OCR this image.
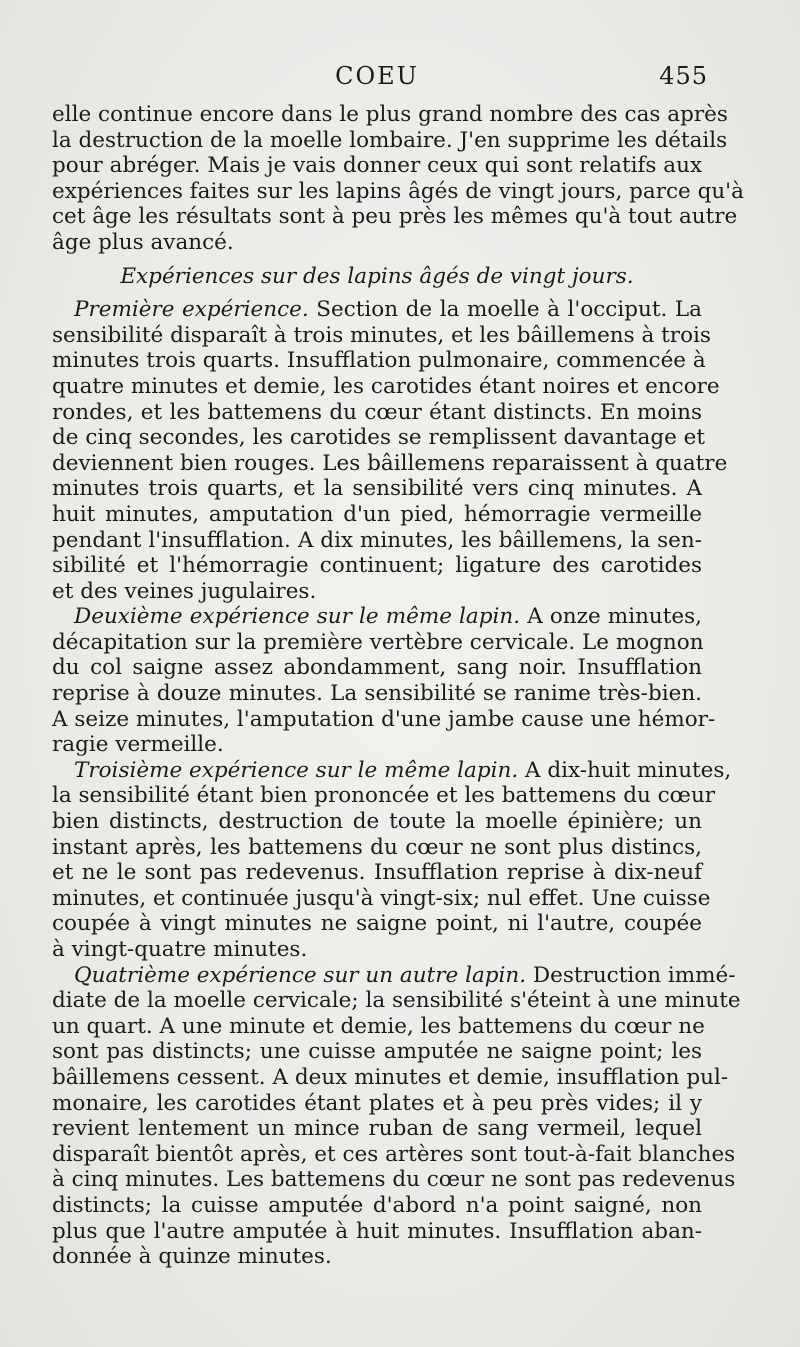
COEU	455
elle continue encore dans le plus grand nombre des cas après
la destruction de la moelle lombaire. J'en supprime les détails
pour abréger. Mais je vais donner ceux qui sont relatifs aux
expériences faites sur les lapins âgés de vingt jours, parce qu'à
cet âge les résultats sont à peu près les mêmes qu'à tout autre
âge plus avancé.
Expériences sur des lapins âgés de vingt jours.
Première expérience. Section de la moelle à l'occiput. La
sensibilité disparaît à trois minutes, et les bâillemens à trois
minutes trois quarts. Insufflation pulmonaire, commencée à
quatre minutes et demie, les carotides étant noires et encore
rondes, et les battemens du cœur étant distincts. En moins
de cinq secondes, les carotides se remplissent davantage et
deviennent bien rouges. Les bâillemens reparaissent à quatre
minutes trois quarts, et la sensibilité vers cinq minutes. A
huit minutes, amputation d'un pied, hémorragie vermeille
pendant l'insufflation. A dix minutes, les bâillemens, la sen-
sibilité et l'hémorragie continuent; ligature des carotides
et des veines jugulaires.
Deuxième expérience sur le même lapin. A onze minutes,
décapitation sur la première vertèbre cervicale. Le mognon
du col saigne assez abondamment, sang noir. Insufflation
reprise à douze minutes. La sensibilité se ranime très-bien.
A seize minutes, l'amputation d'une jambe cause une hémor-
ragie vermeille.
Troisième expérience sur le même lapin. A dix-huit minutes,
la sensibilité étant bien prononcée et les battemens du cœur
bien distincts, destruction de toute la moelle épinière; un
instant après, les battemens du cœur ne sont plus distincs,
et ne le sont pas redevenus. Insufflation reprise à dix-neuf
minutes, et continuée jusqu'à vingt-six; nul effet. Une cuisse
coupée à vingt minutes ne saigne point, ni l'autre, coupée
à vingt-quatre minutes.
Quatrième expérience sur un autre lapin. Destruction immé-
diate de la moelle cervicale; la sensibilité s'éteint à une minute
un quart. A une minute et demie, les battemens du cœur ne
sont pas distincts; une cuisse amputée ne saigne point; les
bâillemens cessent. A deux minutes et demie, insufflation pul-
monaire, les carotides étant plates et à peu près vides; il y
revient lentement un mince ruban de sang vermeil, lequel
disparaît bientôt après, et ces artères sont tout-à-fait blanches
à cinq minutes. Les battemens du cœur ne sont pas redevenus
distincts; la cuisse amputée d'abord n'a point saigné, non
plus que l'autre amputée à huit minutes. Insufflation aban-
donnée à quinze minutes.
